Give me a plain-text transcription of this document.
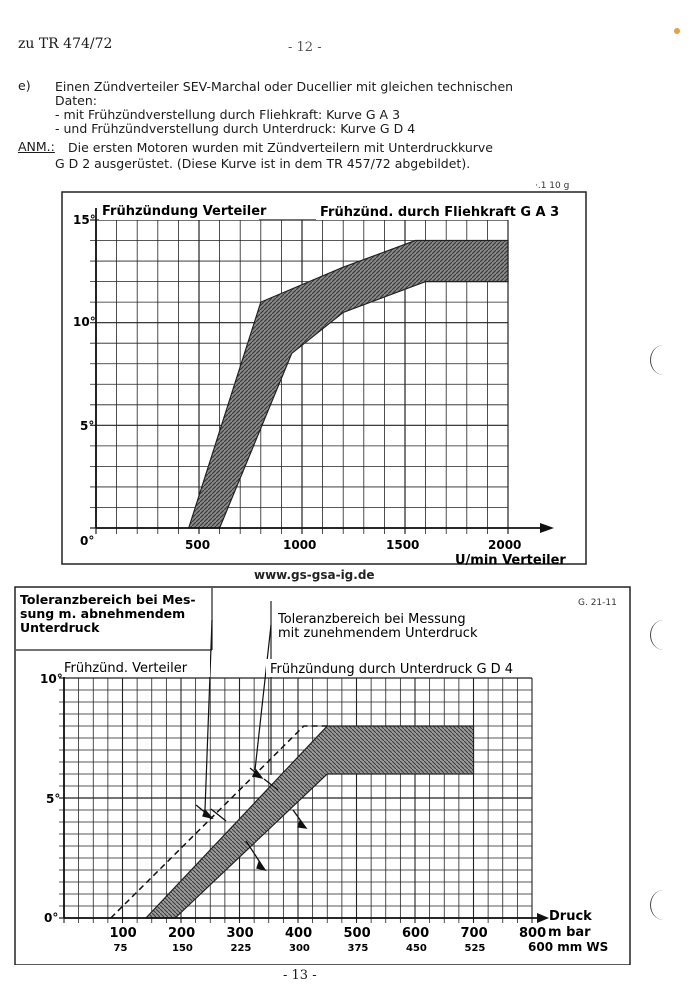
zu TR 474/72	- 12 -
e) Einen Zündverteiler SEV-Marchal oder Ducellier mit gleichen technischen
Daten:
- mit Frühzündverstellung durch Fliehkraft: Kurve G A 3
- und Frühzündverstellung durch Unterdruck: Kurve G D 4
ANM.: Die ersten Motoren wurden mit Zündverteilern mit Unterdruckkurve
G D 2 ausgerüstet. (Diese Kurve ist in dem TR 457/72 abgebildet).
·.1 10 g
Frühzündung Verteiler	Frühzünd. durch Fliehkraft G A 3
0°
5°
10°
15°
500	1000	1500	2000
U/min Verteiler
www.gs-gsa-ig.de
Toleranzbereich bei Mes-
sung m. abnehmendem
Unterdruck
Toleranzbereich bei Messung
mit zunehmendem Unterdruck
Frühzünd. Verteiler	Frühzündung durch Unterdruck G D 4
G. 21-11
0°
5°
10°
100 200 300 400 500 600 700 800
75	150	225	300	375	450	525
Druck
m bar
600 mm WS
- 13 -
